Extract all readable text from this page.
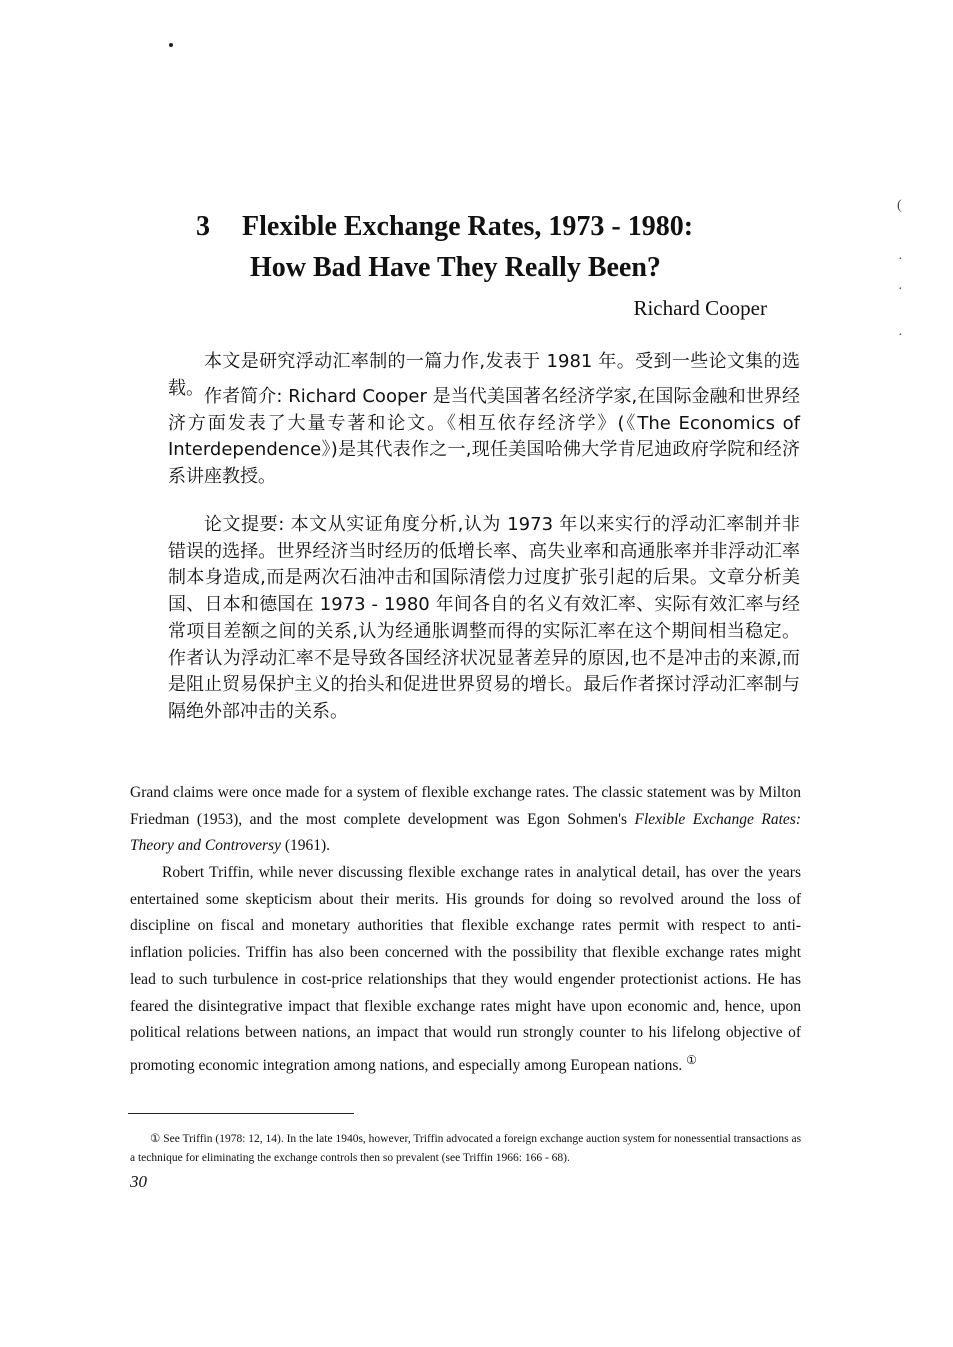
(
·
·
·
3 Flexible Exchange Rates, 1973 - 1980:
How Bad Have They Really Been?
Richard Cooper

本文是研究浮动汇率制的一篇力作,发表于 1981 年。受到一些论文集的选载。 作者简介: Richard Cooper 是当代美国著名经济学家,在国际金融和世界经济方面发表了大量专著和论文。《相互依存经济学》(《The Economics of Interdependence》)是其代表作之一,现任美国哈佛大学肯尼迪政府学院和经济系讲座教授。

论文提要: 本文从实证角度分析,认为 1973 年以来实行的浮动汇率制并非错误的选择。世界经济当时经历的低增长率、高失业率和高通胀率并非浮动汇率制本身造成,而是两次石油冲击和国际清偿力过度扩张引起的后果。文章分析美国、日本和德国在 1973 - 1980 年间各自的名义有效汇率、实际有效汇率与经常项目差额之间的关系,认为经通胀调整而得的实际汇率在这个期间相当稳定。作者认为浮动汇率不是导致各国经济状况显著差异的原因,也不是冲击的来源,而是阻止贸易保护主义的抬头和促进世界贸易的增长。最后作者探讨浮动汇率制与隔绝外部冲击的关系。

Grand claims were once made for a system of flexible exchange rates. The classic statement was by Milton Friedman (1953), and the most complete development was Egon Sohmen's Flexible Exchange Rates: Theory and Controversy (1961).

Robert Triffin, while never discussing flexible exchange rates in analytical detail, has over the years entertained some skepticism about their merits. His grounds for doing so revolved around the loss of discipline on fiscal and monetary authorities that flexible exchange rates permit with respect to anti-inflation policies. Triffin has also been concerned with the possibility that flexible exchange rates might lead to such turbulence in cost-price relationships that they would engender protectionist actions. He has feared the disintegrative impact that flexible exchange rates might have upon economic and, hence, upon political relations between nations, an impact that would run strongly counter to his lifelong objective of promoting economic integration among nations, and especially among European nations. ①

① See Triffin (1978: 12, 14). In the late 1940s, however, Triffin advocated a foreign exchange auction system for nonessential transactions as a technique for eliminating the exchange controls then so prevalent (see Triffin 1966: 166 - 68).

30
